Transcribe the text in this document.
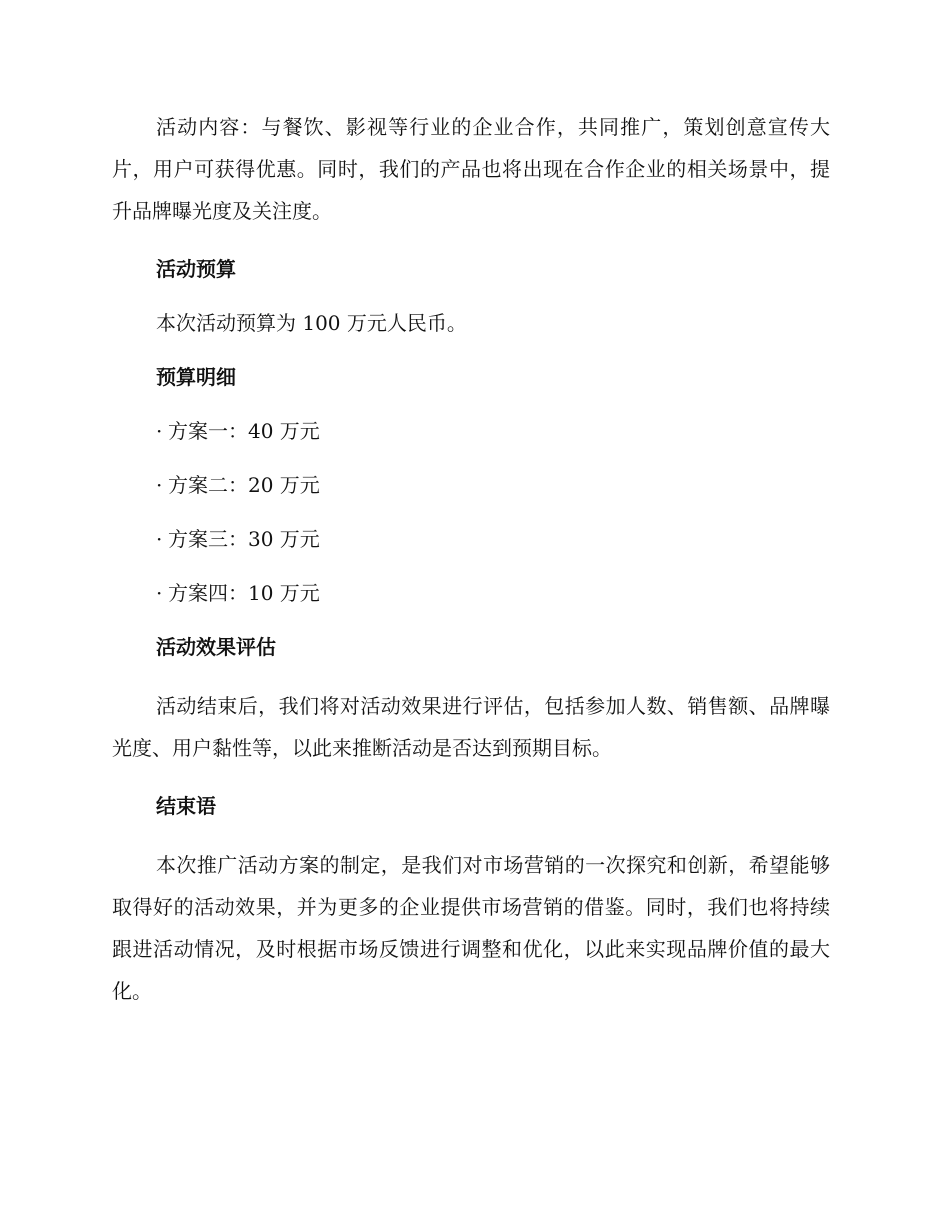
活动内容：与餐饮、影视等行业的企业合作，共同推广，策划创意宣传大片，用户可获得优惠。同时，我们的产品也将出现在合作企业的相关场景中，提升品牌曝光度及关注度。

活动预算
本次活动预算为 100 万元人民币。
预算明细
· 方案一：40 万元
· 方案二：20 万元
· 方案三：30 万元
· 方案四：10 万元
活动效果评估

活动结束后，我们将对活动效果进行评估，包括参加人数、销售额、品牌曝光度、用户黏性等，以此来推断活动是否达到预期目标。

结束语

本次推广活动方案的制定，是我们对市场营销的一次探究和创新，希望能够取得好的活动效果，并为更多的企业提供市场营销的借鉴。同时，我们也将持续跟进活动情况，及时根据市场反馈进行调整和优化，以此来实现品牌价值的最大化。
